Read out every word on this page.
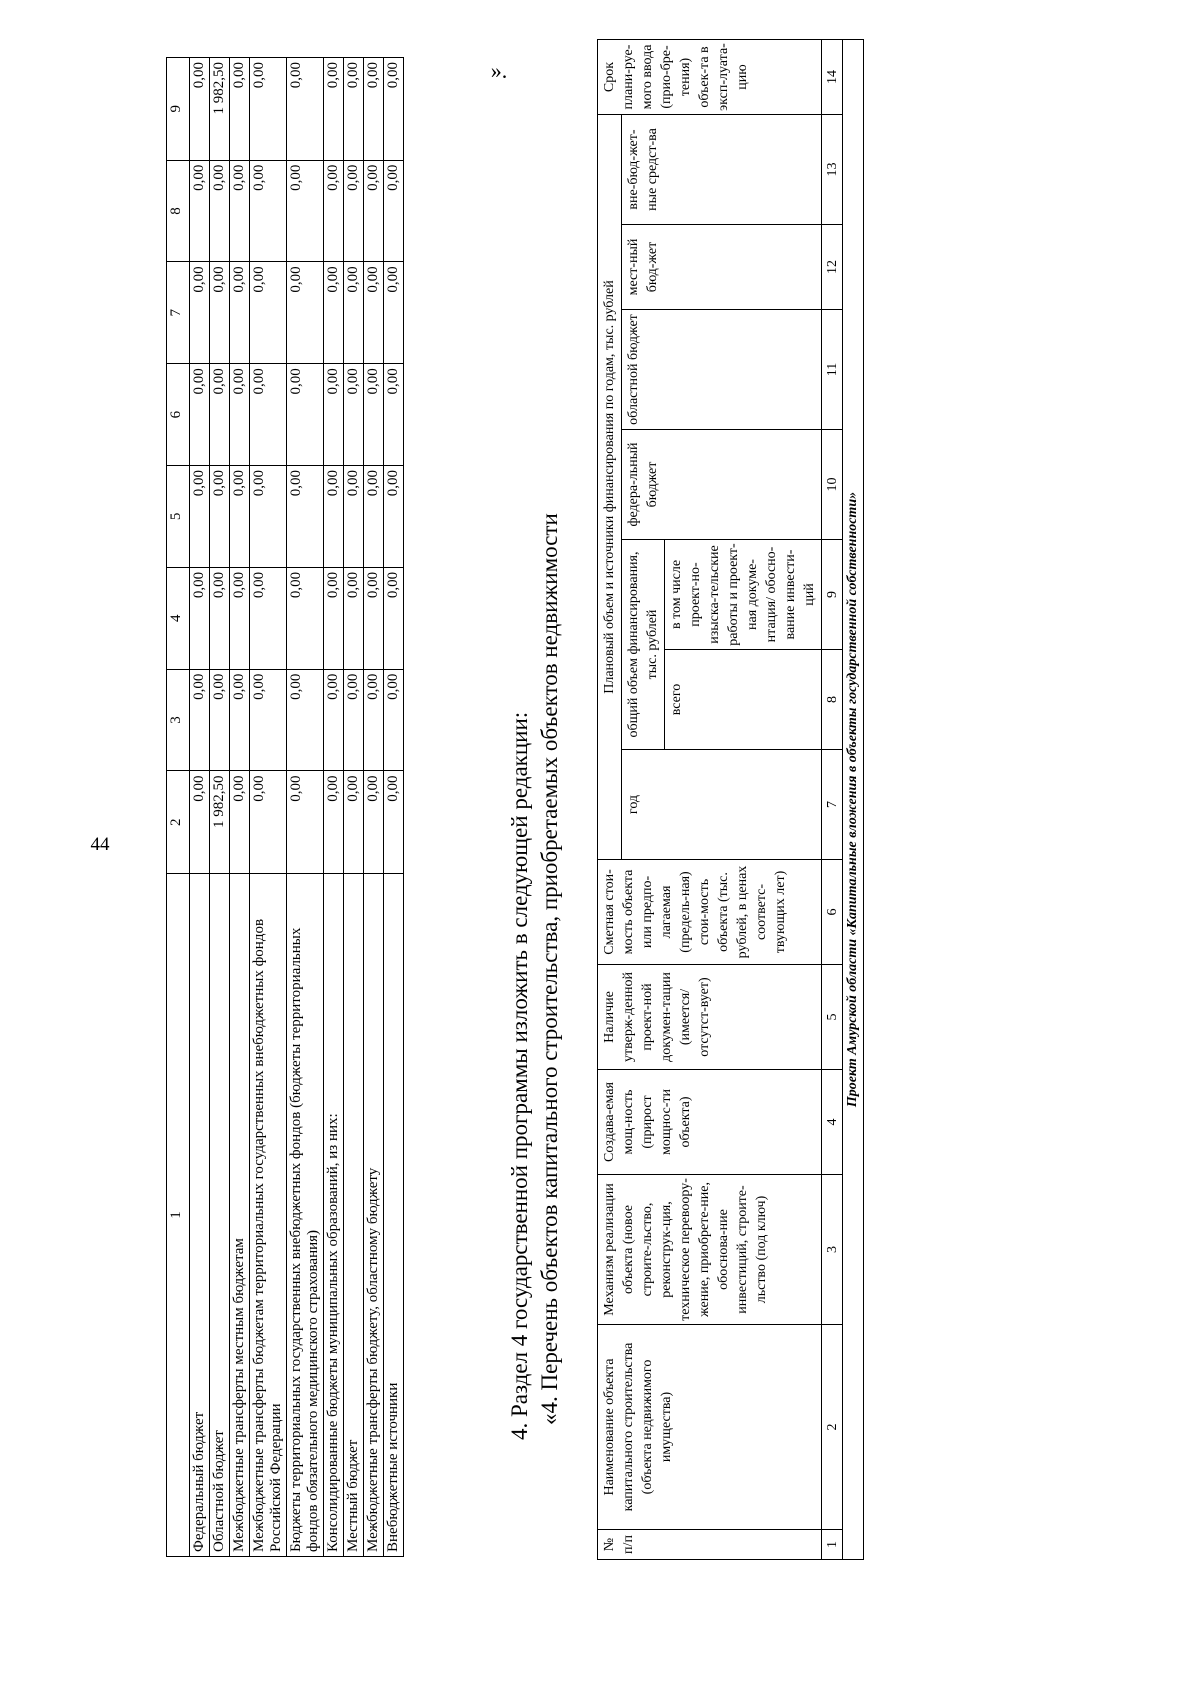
44
1	2	3	4	5	6	7	8	9
Федеральный бюджет	0,00	0,00	0,00	0,00	0,00	0,00	0,00	0,00
Областной бюджет	1 982,50	0,00	0,00	0,00	0,00	0,00	0,00	1 982,50
Межбюджетные трансферты местным бюджетам	0,00	0,00	0,00	0,00	0,00	0,00	0,00	0,00
Межбюджетные трансферты бюджетам территориальных государственных внебюджетных фондов Российской Федерации	0,00	0,00	0,00	0,00	0,00	0,00	0,00	0,00
Бюджеты территориальных государственных внебюджетных фондов (бюджеты территориальных фондов обязательного медицинского страхования)	0,00	0,00	0,00	0,00	0,00	0,00	0,00	0,00
Консолидированные бюджеты муниципальных образований, из них:	0,00	0,00	0,00	0,00	0,00	0,00	0,00	0,00
Местный бюджет	0,00	0,00	0,00	0,00	0,00	0,00	0,00	0,00
Межбюджетные трансферты бюджету, областному бюджету	0,00	0,00	0,00	0,00	0,00	0,00	0,00	0,00
Внебюджетные источники	0,00	0,00	0,00	0,00	0,00	0,00	0,00	0,00
4. Раздел 4 государственной программы изложить в следующей редакции: «4. Перечень объектов капитального строительства, приобретаемых объектов недвижимости
».
№ п/п	Наименование объекта капитального строительства (объекта недвижимого имущества)	Механизм реализации объекта (новое строите-льство, реконструк-ция, техническое перевоору-жение, приобрете-ние, обоснова-ние инвестиций, строите-льство (под ключ)	Создава-емая мощ-ность (прирост мощнос-ти объекта)	Наличие утверж-денной проект-ной докумен-тации (имеется/ отсутст-вует)	Сметная стои-мость объекта или предпо-лагаемая (предель-ная) стои-мость объекта (тыс. рублей, в ценах соответс-твующих лет)	Плановый объем и источники финансирования по годам, тыс. рублей							Срок плани-руе-мого ввода (прио-бре-тения) объек-та в эксп-луата-цию
						год	общий объем финансирования, тыс. рублей		федера-льный бюджет	областной бюджет	мест-ный бюд-жет	вне-бюд-жет-ные средст-ва	
							всего	в том числе проект-но-изыска-тельские работы и проект-ная докуме-нтация/ обосно-вание инвести-ций					

1	2	3	4	5	6	7	8	9	10	11	12	13	14
Проект Амурской области «Капитальные вложения в объекты государственной собственности»													
